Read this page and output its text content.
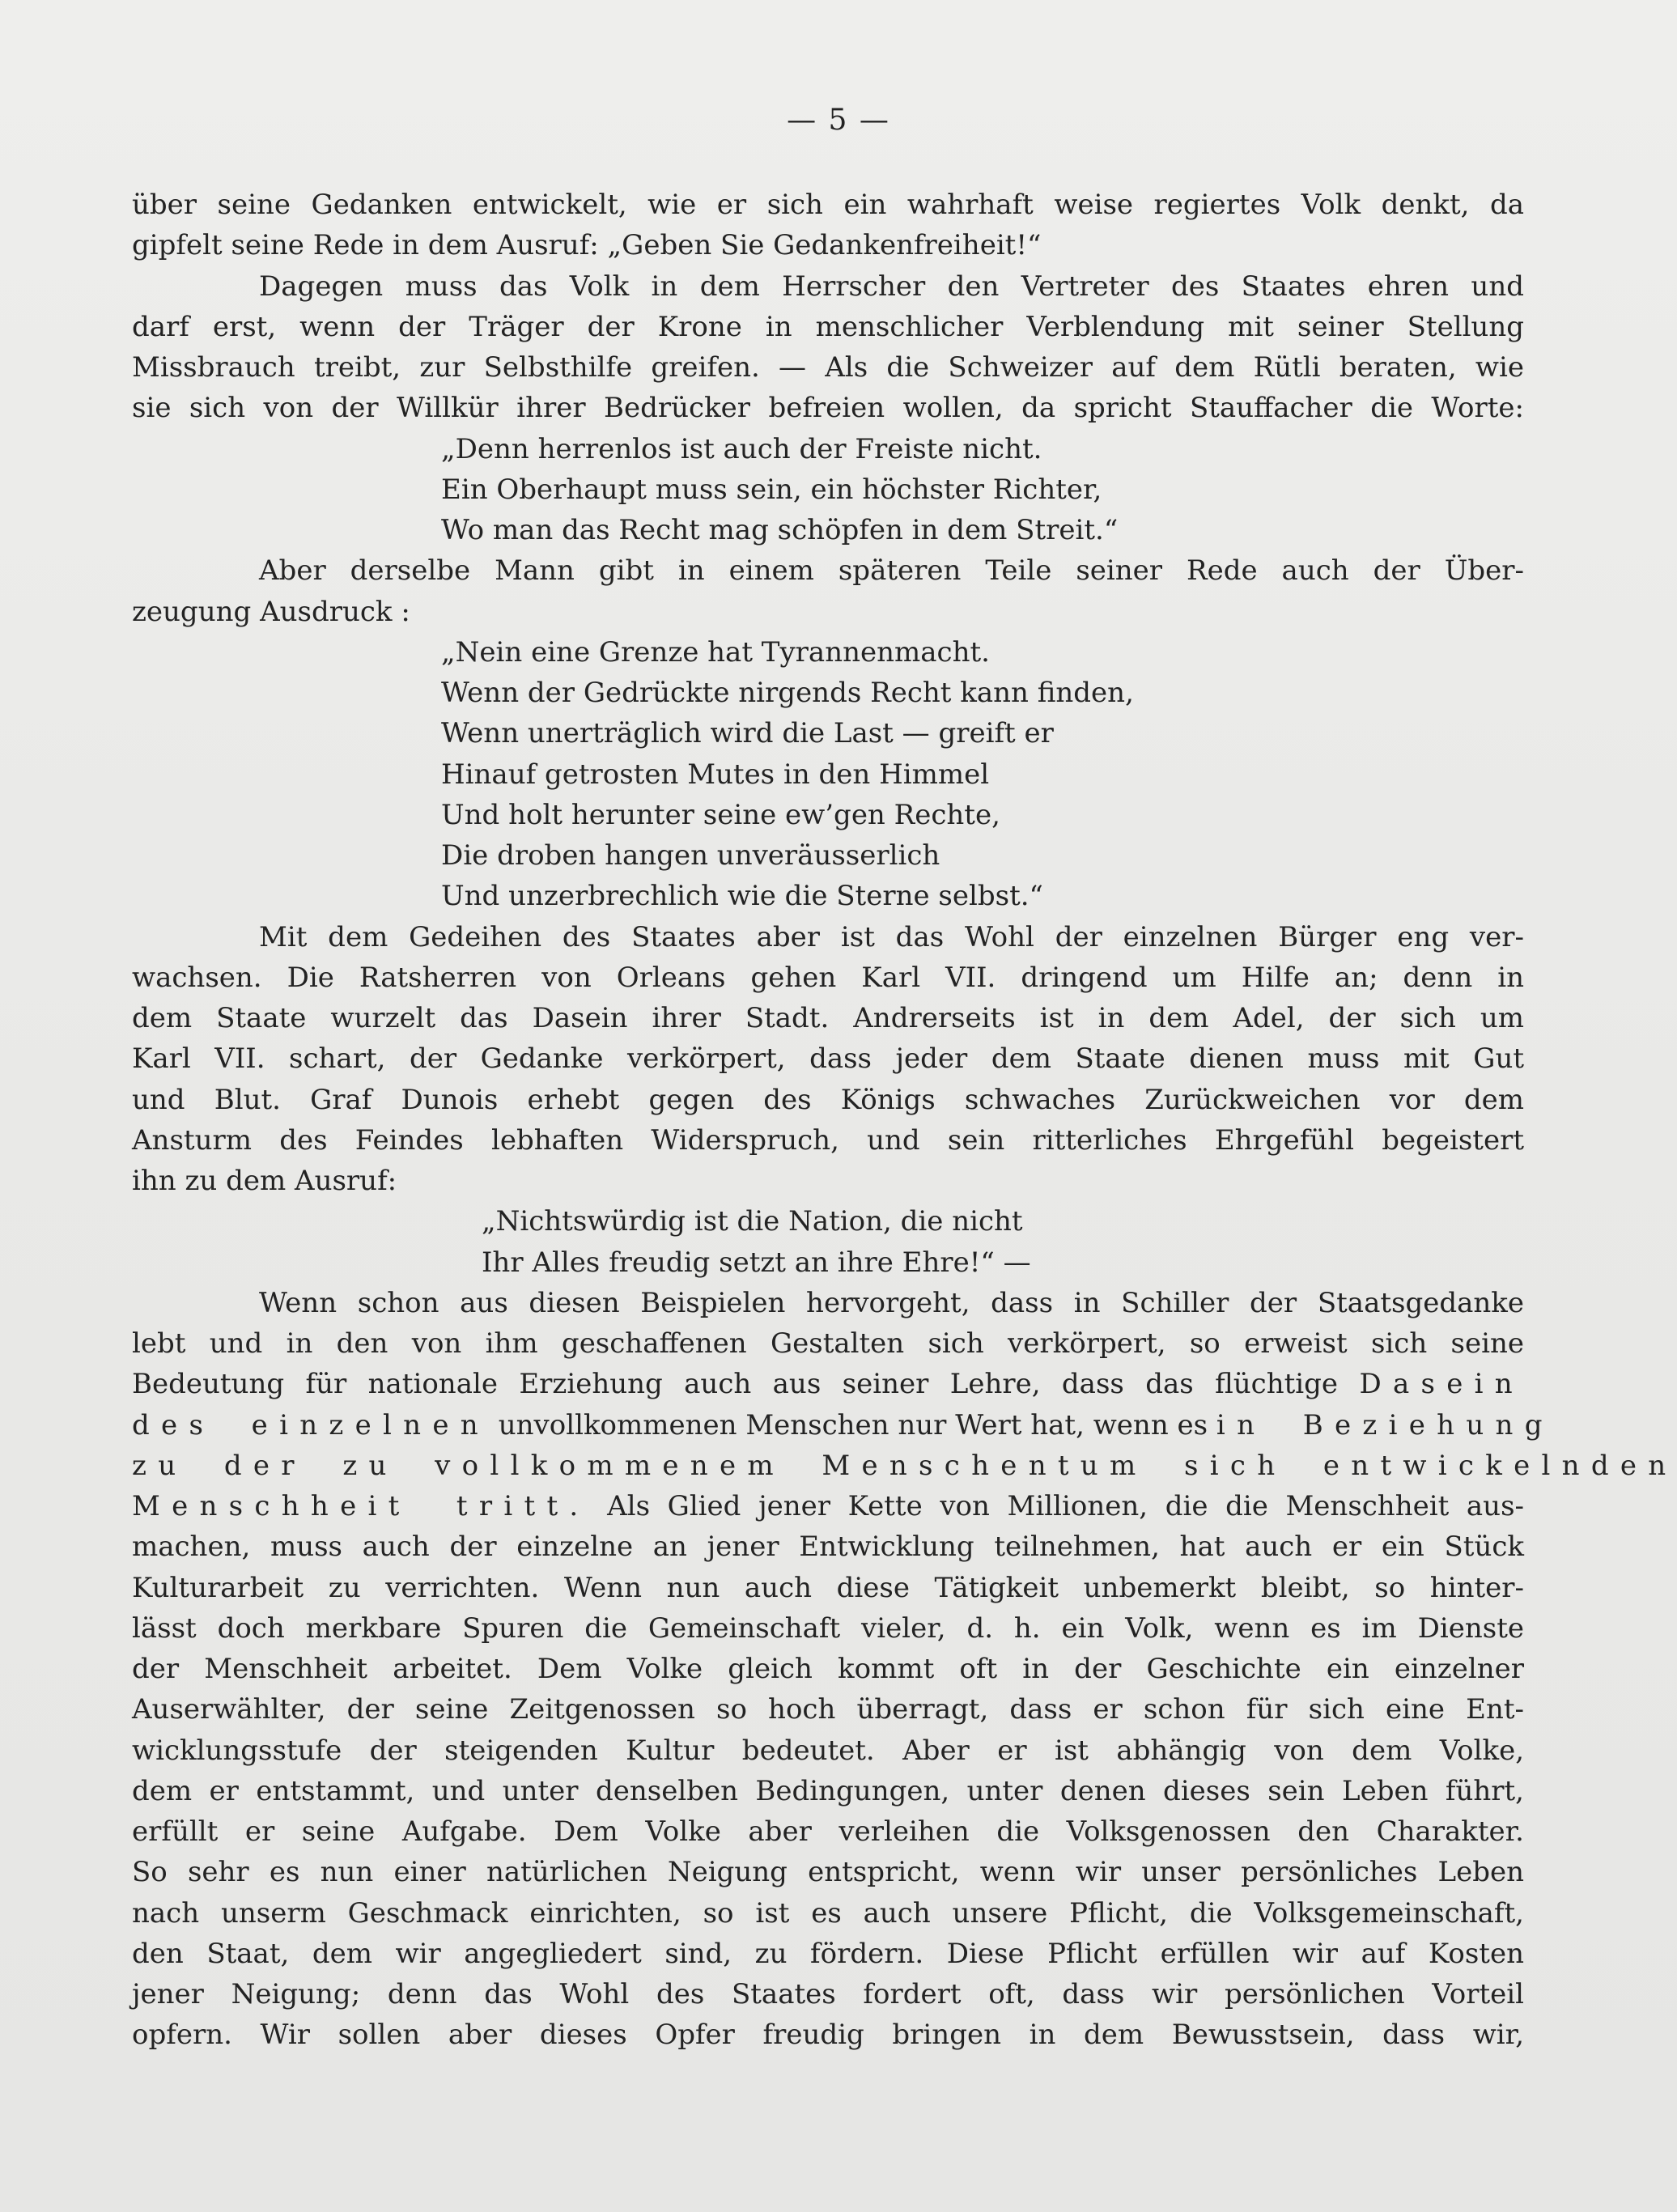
— 5 —
über seine Gedanken entwickelt, wie er sich ein wahrhaft weise regiertes Volk denkt, da
gipfelt seine Rede in dem Ausruf: „Geben Sie Gedankenfreiheit!“
Dagegen muss das Volk in dem Herrscher den Vertreter des Staates ehren und
darf erst, wenn der Träger der Krone in menschlicher Verblendung mit seiner Stellung
Missbrauch treibt, zur Selbsthilfe greifen. — Als die Schweizer auf dem Rütli beraten, wie
sie sich von der Willkür ihrer Bedrücker befreien wollen, da spricht Stauffacher die Worte:
„Denn herrenlos ist auch der Freiste nicht.
Ein Oberhaupt muss sein, ein höchster Richter,
Wo man das Recht mag schöpfen in dem Streit.“
Aber derselbe Mann gibt in einem späteren Teile seiner Rede auch der Über-
zeugung Ausdruck :
„Nein eine Grenze hat Tyrannenmacht.
Wenn der Gedrückte nirgends Recht kann finden,
Wenn unerträglich wird die Last — greift er
Hinauf getrosten Mutes in den Himmel
Und holt herunter seine ew’gen Rechte,
Die droben hangen unveräusserlich
Und unzerbrechlich wie die Sterne selbst.“
Mit dem Gedeihen des Staates aber ist das Wohl der einzelnen Bürger eng ver-
wachsen. Die Ratsherren von Orleans gehen Karl VII. dringend um Hilfe an; denn in
dem Staate wurzelt das Dasein ihrer Stadt. Andrerseits ist in dem Adel, der sich um
Karl VII. schart, der Gedanke verkörpert, dass jeder dem Staate dienen muss mit Gut
und Blut. Graf Dunois erhebt gegen des Königs schwaches Zurückweichen vor dem
Ansturm des Feindes lebhaften Widerspruch, und sein ritterliches Ehrgefühl begeistert
ihn zu dem Ausruf:
„Nichtswürdig ist die Nation, die nicht
Ihr Alles freudig setzt an ihre Ehre!“ —
Wenn schon aus diesen Beispielen hervorgeht, dass in Schiller der Staatsgedanke
lebt und in den von ihm geschaffenen Gestalten sich verkörpert, so erweist sich seine
Bedeutung für nationale Erziehung auch aus seiner Lehre, dass das flüchtige Dasein
des einzelnen unvollkommenen Menschen nur Wert hat, wenn es in Beziehung
zu der zu vollkommenem Menschentum sich entwickelnden
Menschheit tritt. Als Glied jener Kette von Millionen, die die Menschheit aus-
machen, muss auch der einzelne an jener Entwicklung teilnehmen, hat auch er ein Stück
Kulturarbeit zu verrichten. Wenn nun auch diese Tätigkeit unbemerkt bleibt, so hinter-
lässt doch merkbare Spuren die Gemeinschaft vieler, d. h. ein Volk, wenn es im Dienste
der Menschheit arbeitet. Dem Volke gleich kommt oft in der Geschichte ein einzelner
Auserwählter, der seine Zeitgenossen so hoch überragt, dass er schon für sich eine Ent-
wicklungsstufe der steigenden Kultur bedeutet. Aber er ist abhängig von dem Volke,
dem er entstammt, und unter denselben Bedingungen, unter denen dieses sein Leben führt,
erfüllt er seine Aufgabe. Dem Volke aber verleihen die Volksgenossen den Charakter.
So sehr es nun einer natürlichen Neigung entspricht, wenn wir unser persönliches Leben
nach unserm Geschmack einrichten, so ist es auch unsere Pflicht, die Volksgemeinschaft,
den Staat, dem wir angegliedert sind, zu fördern. Diese Pflicht erfüllen wir auf Kosten
jener Neigung; denn das Wohl des Staates fordert oft, dass wir persönlichen Vorteil
opfern. Wir sollen aber dieses Opfer freudig bringen in dem Bewusstsein, dass wir,
